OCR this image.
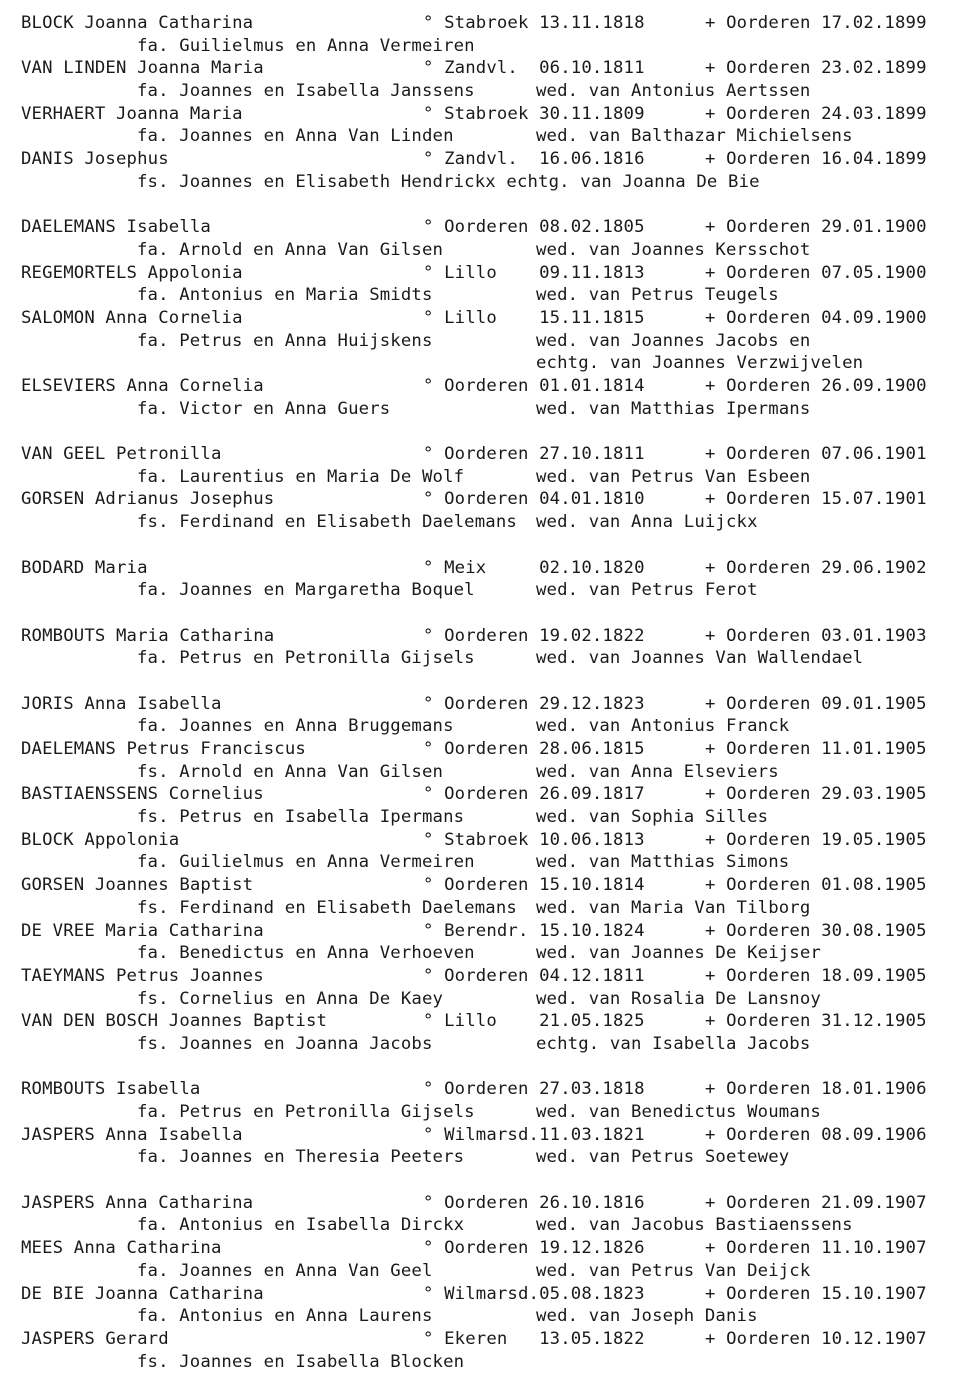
BLOCK Joanna Catharina	° Stabroek 13.11.1818	+ Oorderen 17.02.1899
fa. Guilielmus en Anna Vermeiren
VAN LINDEN Joanna Maria	° Zandvl.  06.10.1811	+ Oorderen 23.02.1899
fa. Joannes en Isabella Janssens	wed. van Antonius Aertssen
VERHAERT Joanna Maria	° Stabroek 30.11.1809	+ Oorderen 24.03.1899
fa. Joannes en Anna Van Linden	wed. van Balthazar Michielsens
DANIS Josephus	° Zandvl.  16.06.1816	+ Oorderen 16.04.1899
fs. Joannes en Elisabeth Hendrickx echtg. van Joanna De Bie
DAELEMANS Isabella	° Oorderen 08.02.1805	+ Oorderen 29.01.1900
fa. Arnold en Anna Van Gilsen	wed. van Joannes Kersschot
REGEMORTELS Appolonia	° Lillo    09.11.1813	+ Oorderen 07.05.1900
fa. Antonius en Maria Smidts	wed. van Petrus Teugels
SALOMON Anna Cornelia	° Lillo    15.11.1815	+ Oorderen 04.09.1900
fa. Petrus en Anna Huijskens	wed. van Joannes Jacobs en
echtg. van Joannes Verzwijvelen
ELSEVIERS Anna Cornelia	° Oorderen 01.01.1814	+ Oorderen 26.09.1900
fa. Victor en Anna Guers	wed. van Matthias Ipermans
VAN GEEL Petronilla	° Oorderen 27.10.1811	+ Oorderen 07.06.1901
fa. Laurentius en Maria De Wolf	wed. van Petrus Van Esbeen
GORSEN Adrianus Josephus	° Oorderen 04.01.1810	+ Oorderen 15.07.1901
fs. Ferdinand en Elisabeth Daelemans wed. van Anna Luijckx
BODARD Maria	° Meix     02.10.1820	+ Oorderen 29.06.1902
fa. Joannes en Margaretha Boquel	wed. van Petrus Ferot
ROMBOUTS Maria Catharina	° Oorderen 19.02.1822	+ Oorderen 03.01.1903
fa. Petrus en Petronilla Gijsels	wed. van Joannes Van Wallendael
JORIS Anna Isabella	° Oorderen 29.12.1823	+ Oorderen 09.01.1905
fa. Joannes en Anna Bruggemans	wed. van Antonius Franck
DAELEMANS Petrus Franciscus	° Oorderen 28.06.1815	+ Oorderen 11.01.1905
fs. Arnold en Anna Van Gilsen	wed. van Anna Elseviers
BASTIAENSSENS Cornelius	° Oorderen 26.09.1817	+ Oorderen 29.03.1905
fs. Petrus en Isabella Ipermans	wed. van Sophia Silles
BLOCK Appolonia	° Stabroek 10.06.1813	+ Oorderen 19.05.1905
fa. Guilielmus en Anna Vermeiren	wed. van Matthias Simons
GORSEN Joannes Baptist	° Oorderen 15.10.1814	+ Oorderen 01.08.1905
fs. Ferdinand en Elisabeth Daelemans wed. van Maria Van Tilborg
DE VREE Maria Catharina	° Berendr. 15.10.1824	+ Oorderen 30.08.1905
fa. Benedictus en Anna Verhoeven	wed. van Joannes De Keijser
TAEYMANS Petrus Joannes	° Oorderen 04.12.1811	+ Oorderen 18.09.1905
fs. Cornelius en Anna De Kaey	wed. van Rosalia De Lansnoy
VAN DEN BOSCH Joannes Baptist	° Lillo    21.05.1825	+ Oorderen 31.12.1905
fs. Joannes en Joanna Jacobs	echtg. van Isabella Jacobs
ROMBOUTS Isabella	° Oorderen 27.03.1818	+ Oorderen 18.01.1906
fa. Petrus en Petronilla Gijsels	wed. van Benedictus Woumans
JASPERS Anna Isabella	° Wilmarsd.11.03.1821	+ Oorderen 08.09.1906
fa. Joannes en Theresia Peeters	wed. van Petrus Soetewey
JASPERS Anna Catharina	° Oorderen 26.10.1816	+ Oorderen 21.09.1907
fa. Antonius en Isabella Dirckx	wed. van Jacobus Bastiaenssens
MEES Anna Catharina	° Oorderen 19.12.1826	+ Oorderen 11.10.1907
fa. Joannes en Anna Van Geel	wed. van Petrus Van Deijck
DE BIE Joanna Catharina	° Wilmarsd.05.08.1823	+ Oorderen 15.10.1907
fa. Antonius en Anna Laurens	wed. van Joseph Danis
JASPERS Gerard	° Ekeren   13.05.1822	+ Oorderen 10.12.1907
fs. Joannes en Isabella Blocken
